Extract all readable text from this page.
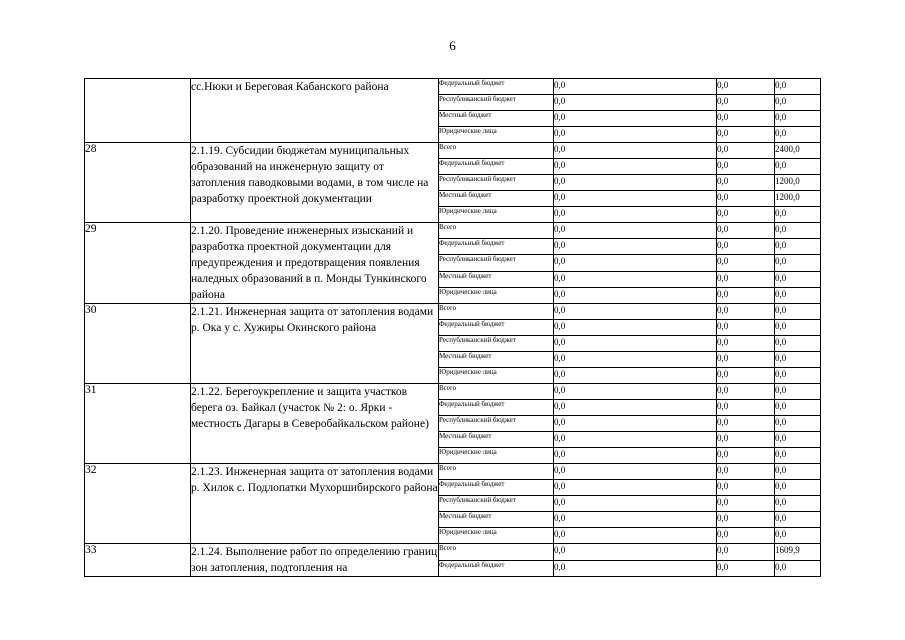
6
	сс.Нюки и Береговая Кабанского района	Федеральный бюджет	0,0	0,0	0,0
		Республиканский бюджет	0,0	0,0	0,0
		Местный бюджет	0,0	0,0	0,0
		Юридические лица	0,0	0,0	0,0
28	2.1.19. Субсидии бюджетам муниципальных образований на инженерную защиту от затопления паводковыми водами, в том числе на разработку проектной документации	Всего	0,0	0,0	2400,0
		Федеральный бюджет	0,0	0,0	0,0
		Республиканский бюджет	0,0	0,0	1200,0
		Местный бюджет	0,0	0,0	1200,0
		Юридические лица	0,0	0,0	0,0
29	2.1.20. Проведение инженерных изысканий и разработка проектной документации для предупреждения и предотвращения появления наледных образований в п. Монды Тункинского района	Всего	0,0	0,0	0,0
		Федеральный бюджет	0,0	0,0	0,0
		Республиканский бюджет	0,0	0,0	0,0
		Местный бюджет	0,0	0,0	0,0
		Юридические лица	0,0	0,0	0,0
30	2.1.21. Инженерная защита от затопления водами р. Ока у с. Хужиры Окинского района	Всего	0,0	0,0	0,0
		Федеральный бюджет	0,0	0,0	0,0
		Республиканский бюджет	0,0	0,0	0,0
		Местный бюджет	0,0	0,0	0,0
		Юридические лица	0,0	0,0	0,0
31	2.1.22. Берегоукрепление и защита участков берега оз. Байкал (участок № 2: о. Ярки - местность Дагары в Северобайкальском районе)	Всего	0,0	0,0	0,0
		Федеральный бюджет	0,0	0,0	0,0
		Республиканский бюджет	0,0	0,0	0,0
		Местный бюджет	0,0	0,0	0,0
		Юридические лица	0,0	0,0	0,0
32	2.1.23. Инженерная защита от затопления водами р. Хилок с. Подлопатки Мухоршибирского района	Всего	0,0	0,0	0,0
		Федеральный бюджет	0,0	0,0	0,0
		Республиканский бюджет	0,0	0,0	0,0
		Местный бюджет	0,0	0,0	0,0
		Юридические лица	0,0	0,0	0,0
33	2.1.24. Выполнение работ по определению границ зон затопления, подтопления на	Всего	0,0	0,0	1609,9
		Федеральный бюджет	0,0	0,0	0,0
